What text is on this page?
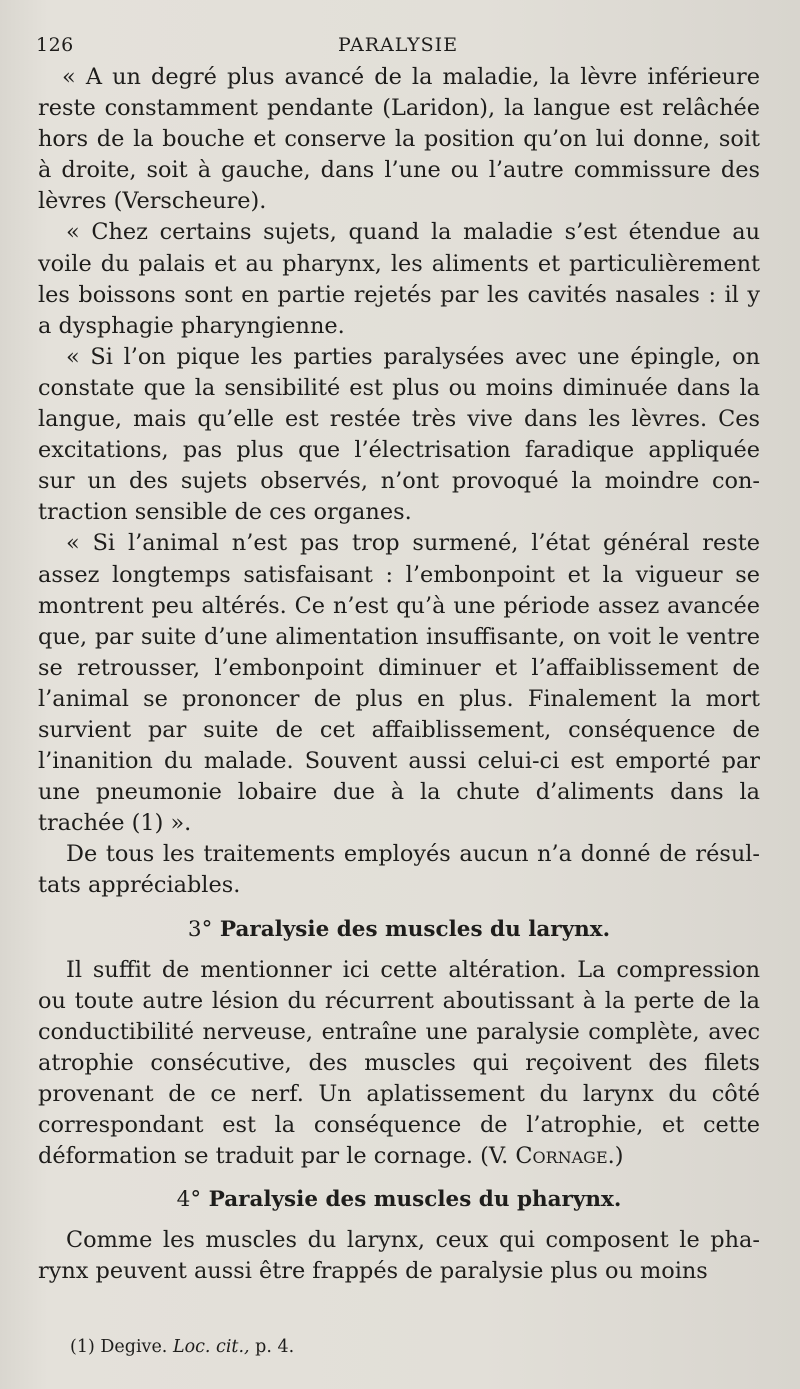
126	PARALYSIE

« A un degré plus avancé de la maladie, la lèvre inférieure reste constamment pendante (Laridon), la langue est relâchée hors de la bouche et conserve la position qu’on lui donne, soit à droite, soit à gauche, dans l’une ou l’autre commissure des lèvres (Verscheure).

« Chez certains sujets, quand la maladie s’est étendue au voile du palais et au pharynx, les aliments et particulièrement les boissons sont en partie rejetés par les cavités nasales : il y a dysphagie pharyngienne.

« Si l’on pique les parties paralysées avec une épingle, on constate que la sensibilité est plus ou moins diminuée dans la langue, mais qu’elle est restée très vive dans les lèvres. Ces excitations, pas plus que l’électrisation faradique appliquée sur un des sujets observés, n’ont provoqué la moindre contraction sensible de ces organes.

« Si l’animal n’est pas trop surmené, l’état général reste assez longtemps satisfaisant : l’embonpoint et la vigueur se montrent peu altérés. Ce n’est qu’à une période assez avancée que, par suite d’une alimentation insuffisante, on voit le ventre se retrousser, l’embonpoint diminuer et l’affaiblissement de l’animal se prononcer de plus en plus. Finalement la mort survient par suite de cet affaiblissement, conséquence de l’inanition du malade. Souvent aussi celui-ci est emporté par une pneumonie lobaire due à la chute d’aliments dans la trachée (1) ».

De tous les traitements employés aucun n’a donné de résultats appréciables.

3° Paralysie des muscles du larynx.

Il suffit de mentionner ici cette altération. La compression ou toute autre lésion du récurrent aboutissant à la perte de la conductibilité nerveuse, entraîne une paralysie complète, avec atrophie consécutive, des muscles qui reçoivent des filets provenant de ce nerf. Un aplatissement du larynx du côté correspondant est la conséquence de l’atrophie, et cette déformation se traduit par le cornage. (V. Cornage.)

4° Paralysie des muscles du pharynx.

Comme les muscles du larynx, ceux qui composent le pharynx peuvent aussi être frappés de paralysie plus ou moins

(1) Degive. Loc. cit., p. 4.
